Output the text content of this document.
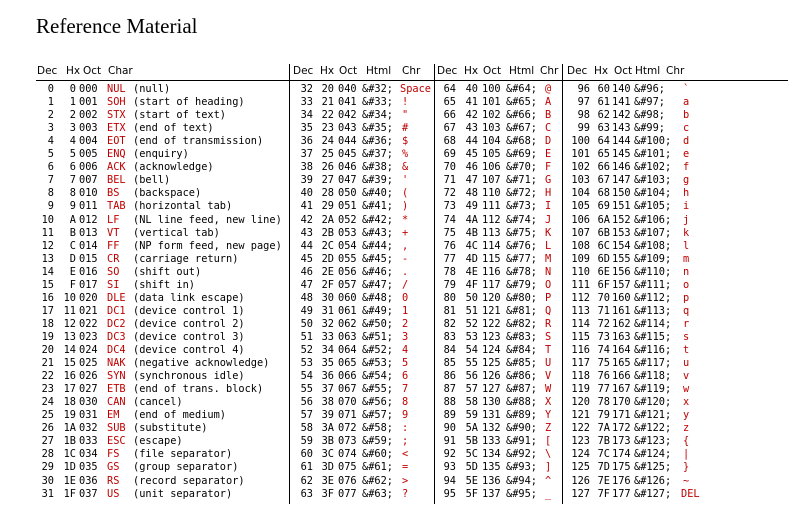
Reference Material
Dec Hx Oct Char	Dec Hx Oct Html Chr Dec Hx Oct Html Chr Dec Hx Oct Html Chr
0	0 000 NUL (null)
1	1 001 SOH (start of heading)
2	2 002 STX (start of text)
3	3 003 ETX (end of text)
4	4 004 EOT (end of transmission)
5	5 005 ENQ (enquiry)
6	6 006 ACK (acknowledge)
7	7 007 BEL (bell)
8	8 010 BS	(backspace)
9	9 011 TAB (horizontal tab)
10	A 012 LF	(NL line feed, new line)
11	B 013 VT	(vertical tab)
12	C 014 FF	(NP form feed, new page)
13	D 015 CR	(carriage return)
14	E 016 SO	(shift out)
15	F 017 SI	(shift in)
16 10 020 DLE (data link escape)
17 11 021 DC1 (device control 1)
18 12 022 DC2 (device control 2)
19 13 023 DC3 (device control 3)
20 14 024 DC4 (device control 4)
21 15 025 NAK (negative acknowledge)
22 16 026 SYN (synchronous idle)
23 17 027 ETB (end of trans. block)
24 18 030 CAN (cancel)
25 19 031 EM	(end of medium)
26 1A 032 SUB (substitute)
27 1B 033 ESC (escape)
28 1C 034 FS	(file separator)
29 1D 035 GS	(group separator)
30 1E 036 RS	(record separator)
31 1F 037 US	(unit separator)
32 20 040 &#32; Space
33 21 041 &#33; !
34 22 042 &#34; "
35 23 043 &#35; #
36 24 044 &#36; $
37 25 045 &#37; %
38 26 046 &#38; &
39 27 047 &#39; '
40 28 050 &#40; (
41 29 051 &#41; )
42 2A 052 &#42; *
43 2B 053 &#43; +
44 2C 054 &#44; ,
45 2D 055 &#45; -
46 2E 056 &#46; .
47 2F 057 &#47; /
48 30 060 &#48; 0
49 31 061 &#49; 1
50 32 062 &#50; 2
51 33 063 &#51; 3
52 34 064 &#52; 4
53 35 065 &#53; 5
54 36 066 &#54; 6
55 37 067 &#55; 7
56 38 070 &#56; 8
57 39 071 &#57; 9
58 3A 072 &#58; :
59 3B 073 &#59; ;
60 3C 074 &#60; <
61 3D 075 &#61; =
62 3E 076 &#62; >
63 3F 077 &#63; ?
64 40 100 &#64; @
65 41 101 &#65; A
66 42 102 &#66; B
67 43 103 &#67; C
68 44 104 &#68; D
69 45 105 &#69; E
70 46 106 &#70; F
71 47 107 &#71; G
72 48 110 &#72; H
73 49 111 &#73; I
74 4A 112 &#74; J
75 4B 113 &#75; K
76 4C 114 &#76; L
77 4D 115 &#77; M
78 4E 116 &#78; N
79 4F 117 &#79; O
80 50 120 &#80; P
81 51 121 &#81; Q
82 52 122 &#82; R
83 53 123 &#83; S
84 54 124 &#84; T
85 55 125 &#85; U
86 56 126 &#86; V
87 57 127 &#87; W
88 58 130 &#88; X
89 59 131 &#89; Y
90 5A 132 &#90; Z
91 5B 133 &#91; [
92 5C 134 &#92; \
93 5D 135 &#93; ]
94 5E 136 &#94; ^
95 5F 137 &#95; _
96 60 140 &#96;	`
97 61 141 &#97;	a
98 62 142 &#98;	b
99 63 143 &#99;	c
100 64 144 &#100; d
101 65 145 &#101; e
102 66 146 &#102; f
103 67 147 &#103; g
104 68 150 &#104; h
105 69 151 &#105; i
106 6A 152 &#106; j
107 6B 153 &#107; k
108 6C 154 &#108; l
109 6D 155 &#109; m
110 6E 156 &#110; n
111 6F 157 &#111; o
112 70 160 &#112; p
113 71 161 &#113; q
114 72 162 &#114; r
115 73 163 &#115; s
116 74 164 &#116; t
117 75 165 &#117; u
118 76 166 &#118; v
119 77 167 &#119; w
120 78 170 &#120; x
121 79 171 &#121; y
122 7A 172 &#122; z
123 7B 173 &#123; {
124 7C 174 &#124; |
125 7D 175 &#125; }
126 7E 176 &#126; ~
127 7F 177 &#127; DEL
